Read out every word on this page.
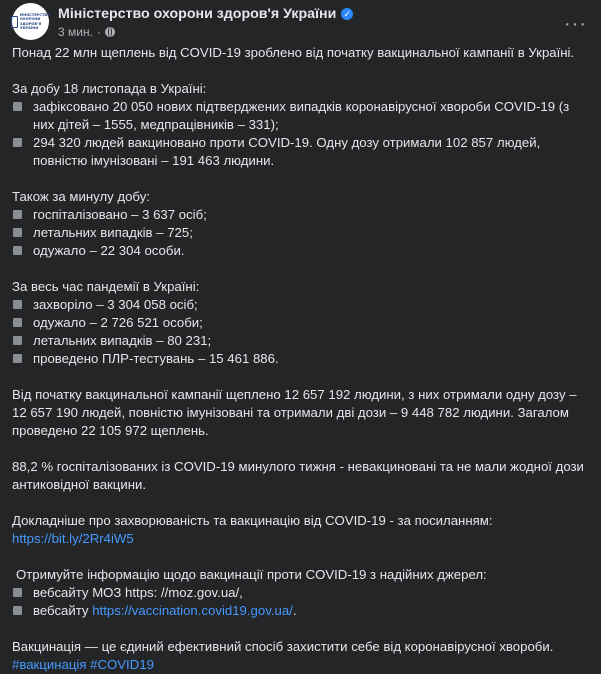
МІНІСТЕРСТВО
ОХОРОНИ
ЗДОРОВʼЯ
УКРАЇНИ
Міністерство охорони здоров'я України ✓
3 мин. ·	···

Понад 22 млн щеплень від COVID-19 зроблено від початку вакцинальної кампанії в Україні.

За добу 18 листопада в Україні:

зафіксовано 20 050 нових підтверджених випадків коронавірусної хвороби COVID-19 (з них дітей – 1555, медпрацівників – 331);
294 320 людей вакциновано проти COVID-19. Одну дозу отримали 102 857 людей, повністю імунізовані – 191 463 людини.

Також за минулу добу:

госпіталізовано – 3 637 осіб;
летальних випадків – 725;
одужало – 22 304 особи.

За весь час пандемії в Україні:

захворіло – 3 304 058 осіб;
одужало – 2 726 521 особи;
летальних випадків – 80 231;
проведено ПЛР-тестувань – 15 461 886.

Від початку вакцинальної кампанії щеплено 12 657 192 людини, з них отримали одну дозу – 12 657 190 людей, повністю імунізовані та отримали дві дози – 9 448 782 людини. Загалом проведено 22 105 972 щеплень.

88,2 % госпіталізованих із COVID-19 минулого тижня - невакциновані та не мали жодної дози антиковідної вакцини.

Докладніше про захворюваність та вакцинацію від COVID-19 - за посиланням:

https://bit.ly/2Rr4iW5

Отримуйте інформацію щодо вакцинації проти COVID-19 з надійних джерел:

вебсайту МОЗ https: //moz.gov.ua/,
вебсайту https://vaccination.covid19.gov.ua/.

Вакцинація — це єдиний ефективний спосіб захистити себе від коронавірусної хвороби.

#вакцинація #COVID19
